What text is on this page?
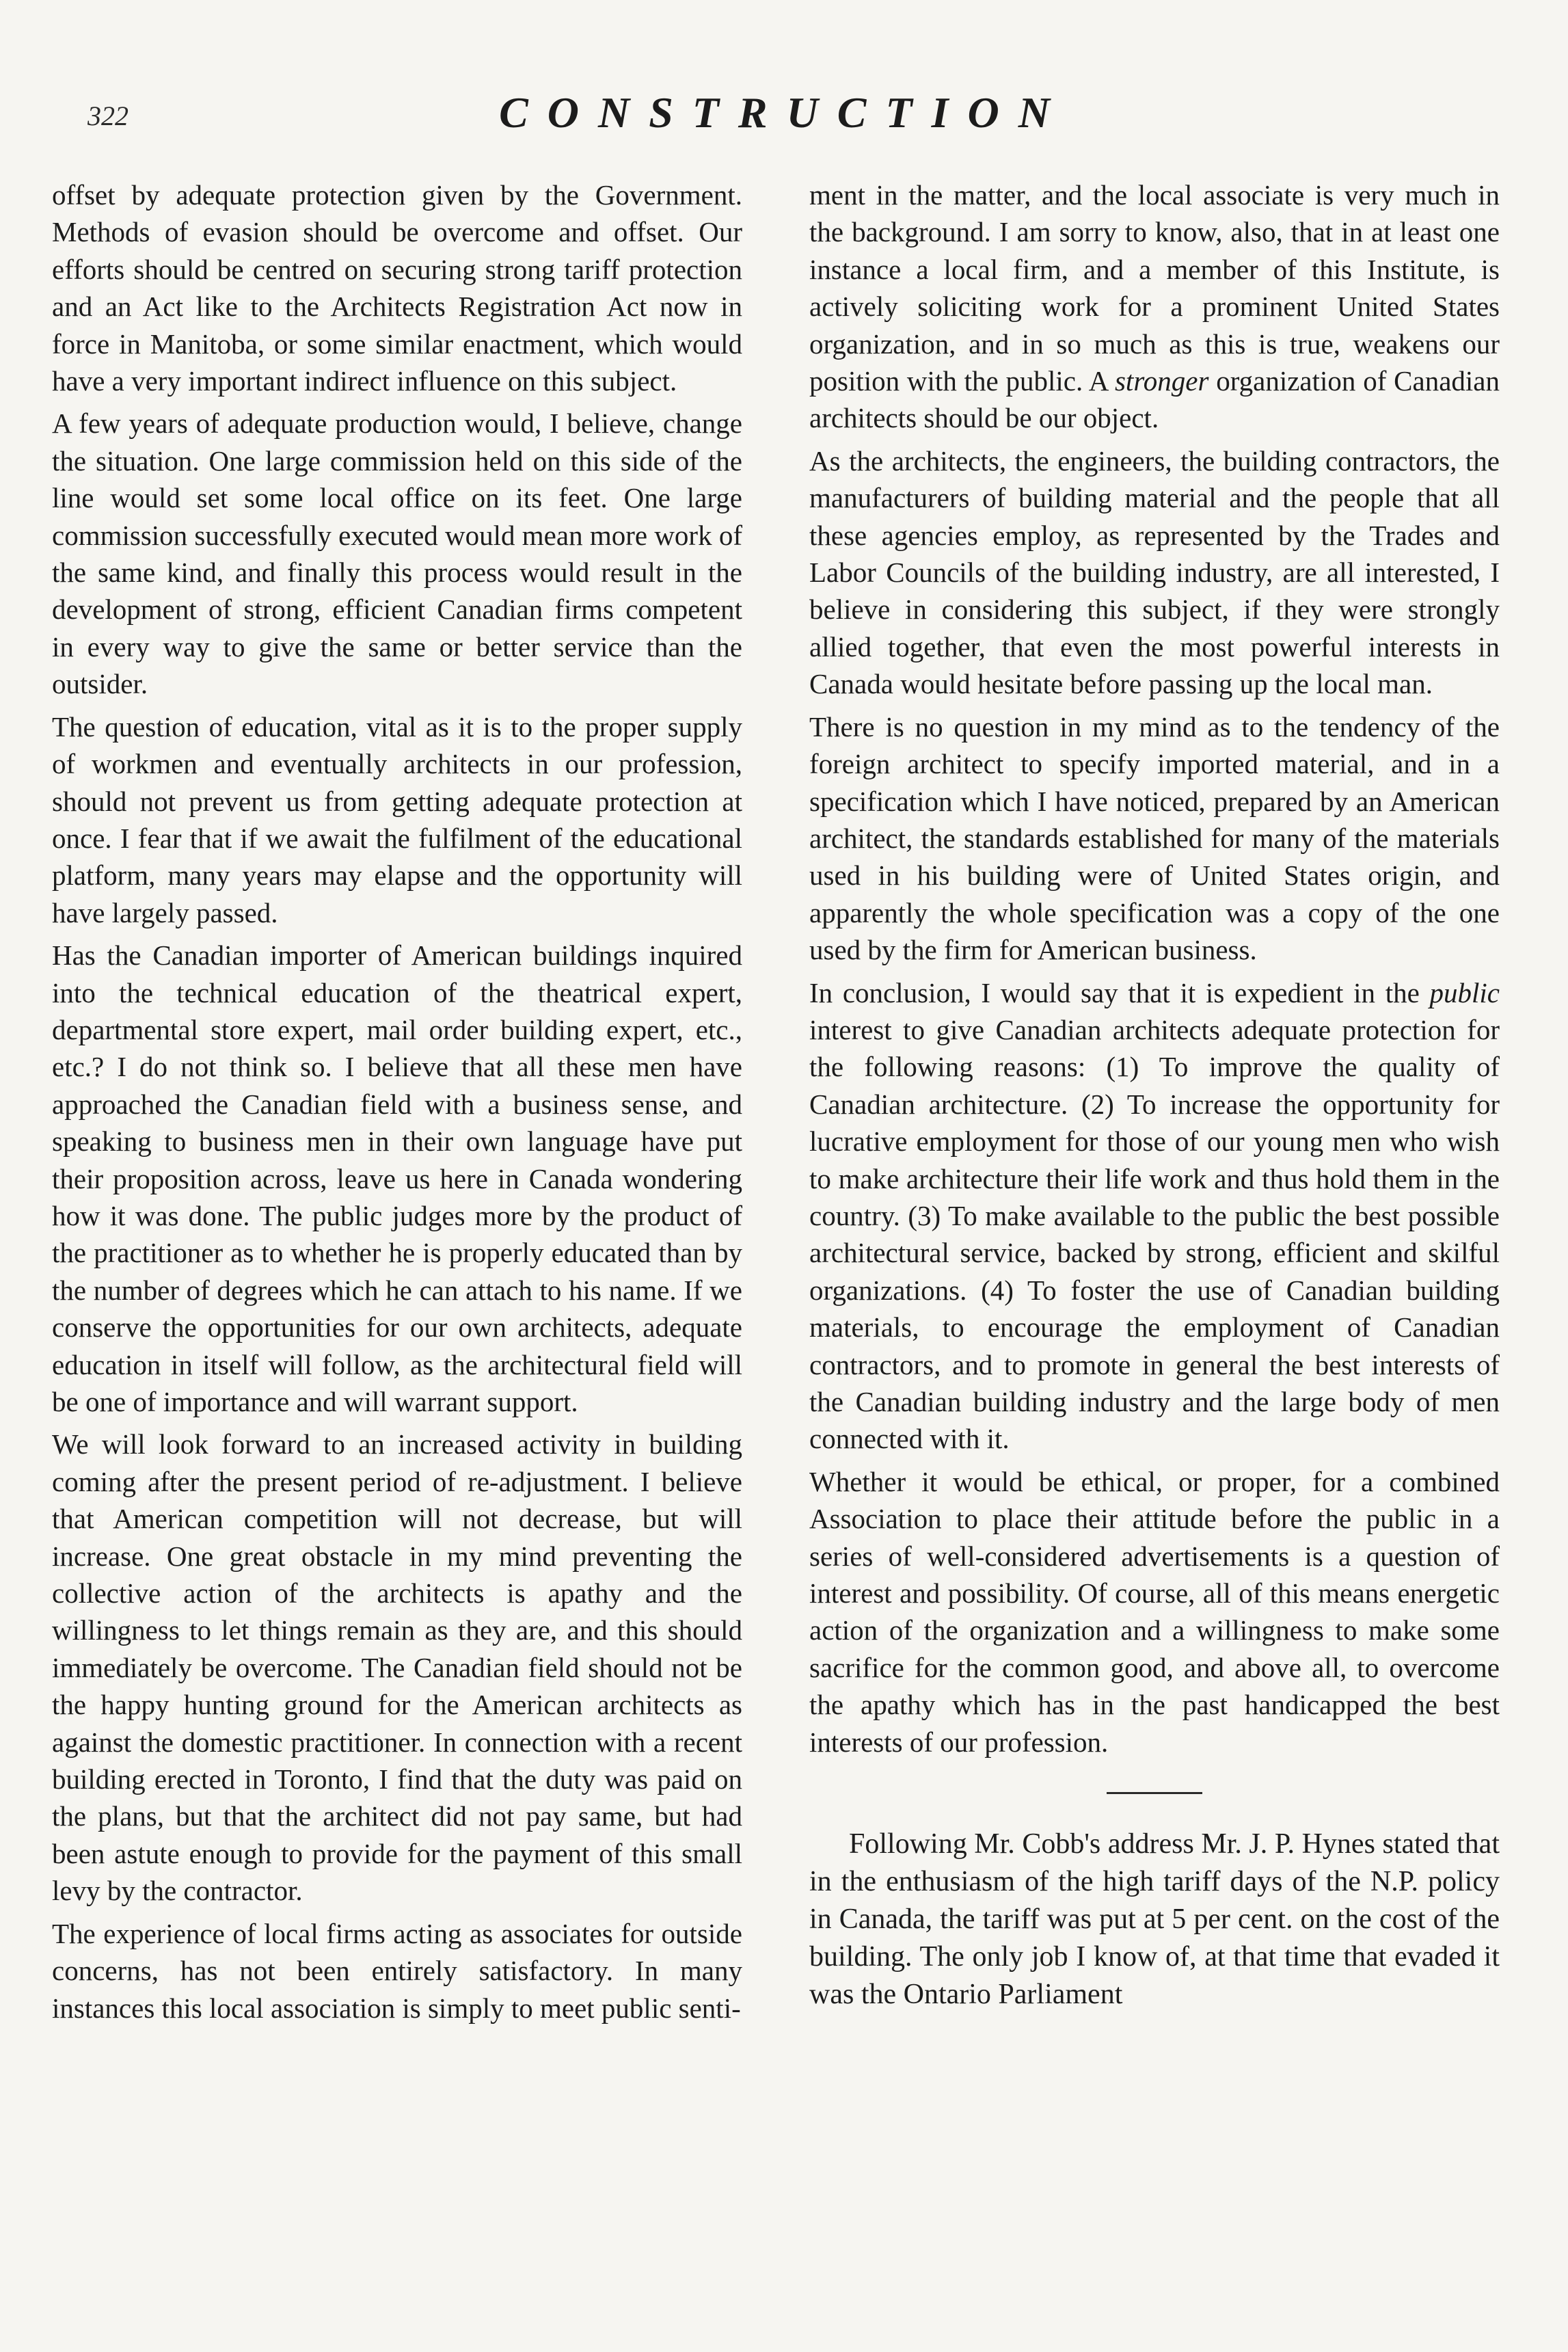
322	CONSTRUCTION

offset by adequate protection given by the Government. Methods of evasion should be overcome and offset. Our efforts should be centred on securing strong tariff protection and an Act like to the Architects Registration Act now in force in Manitoba, or some similar enactment, which would have a very important indirect influence on this subject.

A few years of adequate production would, I believe, change the situation. One large commission held on this side of the line would set some local office on its feet. One large commission successfully executed would mean more work of the same kind, and finally this process would result in the development of strong, efficient Canadian firms competent in every way to give the same or better service than the outsider.

The question of education, vital as it is to the proper supply of workmen and eventually architects in our profession, should not prevent us from getting adequate protection at once. I fear that if we await the fulfilment of the educational platform, many years may elapse and the opportunity will have largely passed.

Has the Canadian importer of American buildings inquired into the technical education of the theatrical expert, departmental store expert, mail order building expert, etc., etc.? I do not think so. I believe that all these men have approached the Canadian field with a business sense, and speaking to business men in their own language have put their proposition across, leave us here in Canada wondering how it was done. The public judges more by the product of the practitioner as to whether he is properly educated than by the number of degrees which he can attach to his name. If we conserve the opportunities for our own architects, adequate education in itself will follow, as the architectural field will be one of importance and will warrant support.

We will look forward to an increased activity in building coming after the present period of re-adjustment. I believe that American competition will not decrease, but will increase. One great obstacle in my mind preventing the collective action of the architects is apathy and the willingness to let things remain as they are, and this should immediately be overcome. The Canadian field should not be the happy hunting ground for the American architects as against the domestic practitioner. In connection with a recent building erected in Toronto, I find that the duty was paid on the plans, but that the architect did not pay same, but had been astute enough to provide for the payment of this small levy by the contractor.

The experience of local firms acting as associates for outside concerns, has not been entirely satisfactory. In many instances this local association is simply to meet public senti-

ment in the matter, and the local associate is very much in the background. I am sorry to know, also, that in at least one instance a local firm, and a member of this Institute, is actively soliciting work for a prominent United States organization, and in so much as this is true, weakens our position with the public. A stronger organization of Canadian architects should be our object.

As the architects, the engineers, the building contractors, the manufacturers of building material and the people that all these agencies employ, as represented by the Trades and Labor Councils of the building industry, are all interested, I believe in considering this subject, if they were strongly allied together, that even the most powerful interests in Canada would hesitate before passing up the local man.

There is no question in my mind as to the tendency of the foreign architect to specify imported material, and in a specification which I have noticed, prepared by an American architect, the standards established for many of the materials used in his building were of United States origin, and apparently the whole specification was a copy of the one used by the firm for American business.

In conclusion, I would say that it is expedient in the public interest to give Canadian architects adequate protection for the following reasons: (1) To improve the quality of Canadian architecture. (2) To increase the opportunity for lucrative employment for those of our young men who wish to make architecture their life work and thus hold them in the country. (3) To make available to the public the best possible architectural service, backed by strong, efficient and skilful organizations. (4) To foster the use of Canadian building materials, to encourage the employment of Canadian contractors, and to promote in general the best interests of the Canadian building industry and the large body of men connected with it.

Whether it would be ethical, or proper, for a combined Association to place their attitude before the public in a series of well-considered advertisements is a question of interest and possibility. Of course, all of this means energetic action of the organization and a willingness to make some sacrifice for the common good, and above all, to overcome the apathy which has in the past handicapped the best interests of our profession.

Following Mr. Cobb's address Mr. J. P. Hynes stated that in the enthusiasm of the high tariff days of the N.P. policy in Canada, the tariff was put at 5 per cent. on the cost of the building. The only job I know of, at that time that evaded it was the Ontario Parliament
